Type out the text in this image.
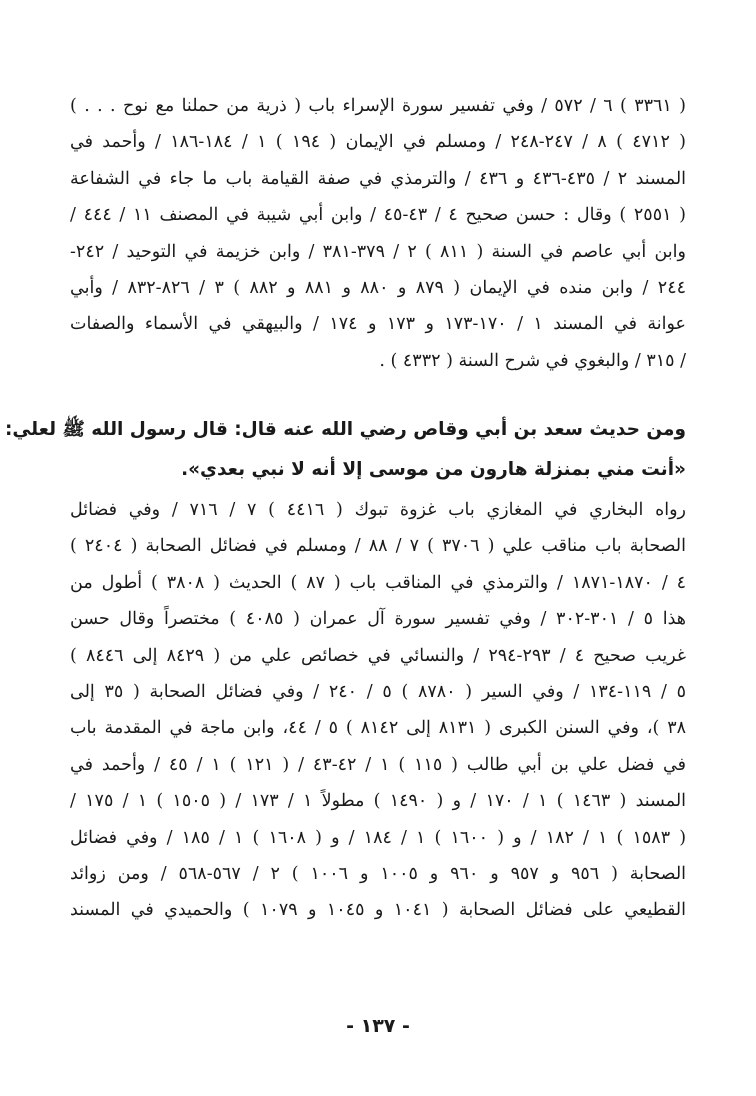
( ٣٣٦١ ) ٦ / ٥٧٢ / وفي تفسير سورة الإسراء باب ( ذرية من حملنا مع نوح . . . )
( ٤٧١٢ ) ٨ / ٢٤٧-٢٤٨ / ومسلم في الإيمان ( ١٩٤ ) ١ / ١٨٤-١٨٦ / وأحمد في
المسند ٢ / ٤٣٥-٤٣٦ و ٤٣٦ / والترمذي في صفة القيامة باب ما جاء في الشفاعة
( ٢٥٥١ ) وقال : حسن صحيح ٤ / ٤٣-٤٥ / وابن أبي شيبة في المصنف ١١ / ٤٤٤ /
وابن أبي عاصم في السنة ( ٨١١ ) ٢ / ٣٧٩-٣٨١ / وابن خزيمة في التوحيد / ٢٤٢-
٢٤٤ / وابن منده في الإيمان ( ٨٧٩ و ٨٨٠ و ٨٨١ و ٨٨٢ ) ٣ / ٨٢٦-٨٣٢ / وأبي
عوانة في المسند ١ / ١٧٠-١٧٣ و ١٧٣ و ١٧٤ / والبيهقي في الأسماء والصفات
/ ٣١٥ / والبغوي في شرح السنة ( ٤٣٣٢ ) .
ومن حديث سعد بن أبي وقاص رضي الله عنه قال: قال رسول الله ﷺ لعلي:
«أنت مني بمنزلة هارون من موسى إلا أنه لا نبي بعدي».
رواه البخاري في المغازي باب غزوة تبوك ( ٤٤١٦ ) ٧ / ٧١٦ / وفي فضائل
الصحابة باب مناقب علي ( ٣٧٠٦ ) ٧ / ٨٨ / ومسلم في فضائل الصحابة ( ٢٤٠٤ )
٤ / ١٨٧٠-١٨٧١ / والترمذي في المناقب باب ( ٨٧ ) الحديث ( ٣٨٠٨ ) أطول من
هذا ٥ / ٣٠١-٣٠٢ / وفي تفسير سورة آل عمران ( ٤٠٨٥ ) مختصراً وقال حسن
غريب صحيح ٤ / ٢٩٣-٢٩٤ / والنسائي في خصائص علي من ( ٨٤٢٩ إلى ٨٤٤٦ )
٥ / ١١٩-١٣٤ / وفي السير ( ٨٧٨٠ ) ٥ / ٢٤٠ / وفي فضائل الصحابة ( ٣٥ إلى
٣٨ )، وفي السنن الكبرى ( ٨١٣١ إلى ٨١٤٢ ) ٥ / ٤٤، وابن ماجة في المقدمة باب
في فضل علي بن أبي طالب ( ١١٥ ) ١ / ٤٢-٤٣ / ( ١٢١ ) ١ / ٤٥ / وأحمد في
المسند ( ١٤٦٣ ) ١ / ١٧٠ / و ( ١٤٩٠ ) مطولاً ١ / ١٧٣ / ( ١٥٠٥ ) ١ / ١٧٥ /
( ١٥٨٣ ) ١ / ١٨٢ / و ( ١٦٠٠ ) ١ / ١٨٤ / و ( ١٦٠٨ ) ١ / ١٨٥ / وفي فضائل
الصحابة ( ٩٥٦ و ٩٥٧ و ٩٦٠ و ١٠٠٥ و ١٠٠٦ ) ٢ / ٥٦٧-٥٦٨ / ومن زوائد
القطيعي على فضائل الصحابة ( ١٠٤١ و ١٠٤٥ و ١٠٧٩ ) والحميدي في المسند
- ١٣٧ -
